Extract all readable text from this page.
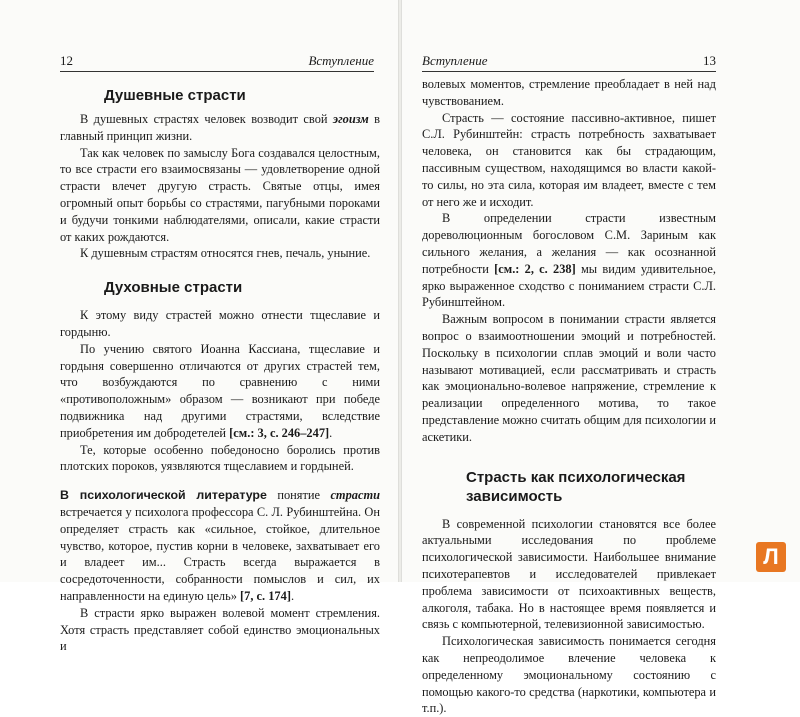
12	Вступление
Душевные страсти

В душевных страстях человек возводит свой эгоизм в главный принцип жизни.

Так как человек по замыслу Бога создавался целостным, то все страсти его взаимосвязаны — удовлетворение одной страсти влечет другую страсть. Святые отцы, имея огромный опыт борьбы со страстями, пагубными пороками и будучи тонкими наблюдателями, описали, какие страсти от каких рождаются.

К душевным страстям относятся гнев, печаль, уныние.

Духовные страсти

К этому виду страстей можно отнести тщеславие и гордыню.

По учению святого Иоанна Кассиана, тщеславие и гордыня совершенно отличаются от других страстей тем, что возбуждаются по сравнению с ними «противоположным» образом — возникают при победе подвижника над другими страстями, вследствие приобретения им добродетелей [см.: 3, с. 246–247].

Те, которые особенно победоносно боролись против плотских пороков, уязвляются тщеславием и гордыней.

В психологической литературе понятие страсти встречается у психолога профессора С. Л. Рубинштейна. Он определяет страсть как «сильное, стойкое, длительное чувство, которое, пустив корни в человеке, захватывает его и владеет им... Страсть всегда выражается в сосредоточенности, собранности помыслов и сил, их направленности на единую цель» [7, с. 174].

В страсти ярко выражен волевой момент стремления. Хотя страсть представляет собой единство эмоциональных и

Вступление	13

волевых моментов, стремление преобладает в ней над чувствованием.

Страсть — состояние пассивно-активное, пишет С.Л. Рубинштейн: страсть потребность захватывает человека, он становится как бы страдающим, пассивным существом, находящимся во власти какой-то силы, но эта сила, которая им владеет, вместе с тем от него же и исходит.

В определении страсти известным дореволюционным богословом С.М. Зариным как сильного желания, а желания — как осознанной потребности [см.: 2, с. 238] мы видим удивительное, ярко выраженное сходство с пониманием страсти С.Л. Рубинштейном.

Важным вопросом в понимании страсти является вопрос о взаимоотношении эмоций и потребностей. Поскольку в психологии сплав эмоций и воли часто называют мотивацией, если рассматривать и страсть как эмоционально-волевое напряжение, стремление к реализации определенного мотива, то такое представление можно считать общим для психологии и аскетики.

Страсть как психологическая
зависимость

В современной психологии становятся все более актуальными исследования по проблеме психологической зависимости. Наибольшее внимание психотерапевтов и исследователей привлекает проблема зависимости от психоактивных веществ, алкоголя, табака. Но в настоящее время появляется и связь с компьютерной, телевизионной зависимостью.

Психологическая зависимость понимается сегодня как непреодолимое влечение человека к определенному эмоциональному состоянию с помощью какого-то средства (наркотики, компьютера и т.п.).

Л
